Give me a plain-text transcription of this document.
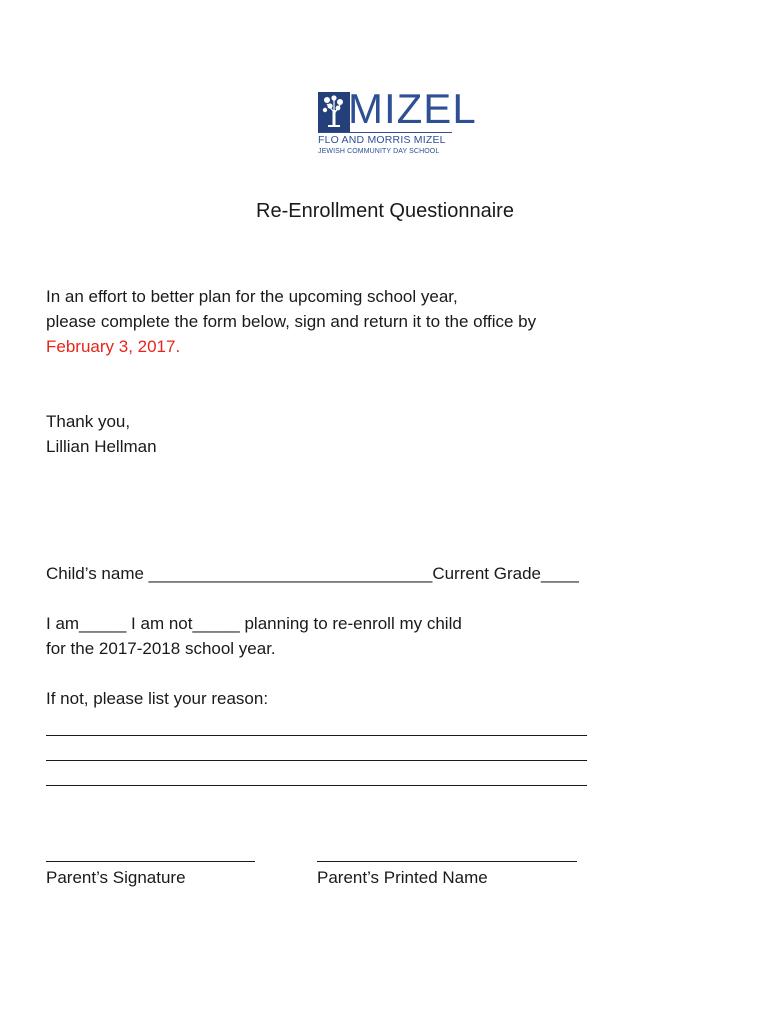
MIZEL
FLO AND MORRIS MIZEL
JEWISH COMMUNITY DAY SCHOOL
Re-Enrollment Questionnaire
In an effort to better plan for the upcoming school year,
please complete the form below, sign and return it to the office by
February 3, 2017.
Thank you,
Lillian Hellman
Child’s name ______________________________Current Grade____
I am_____ I am not_____ planning to re-enroll my child
for the 2017-2018 school year.
If not, please list your reason:
Parent’s Signature	Parent’s Printed Name
